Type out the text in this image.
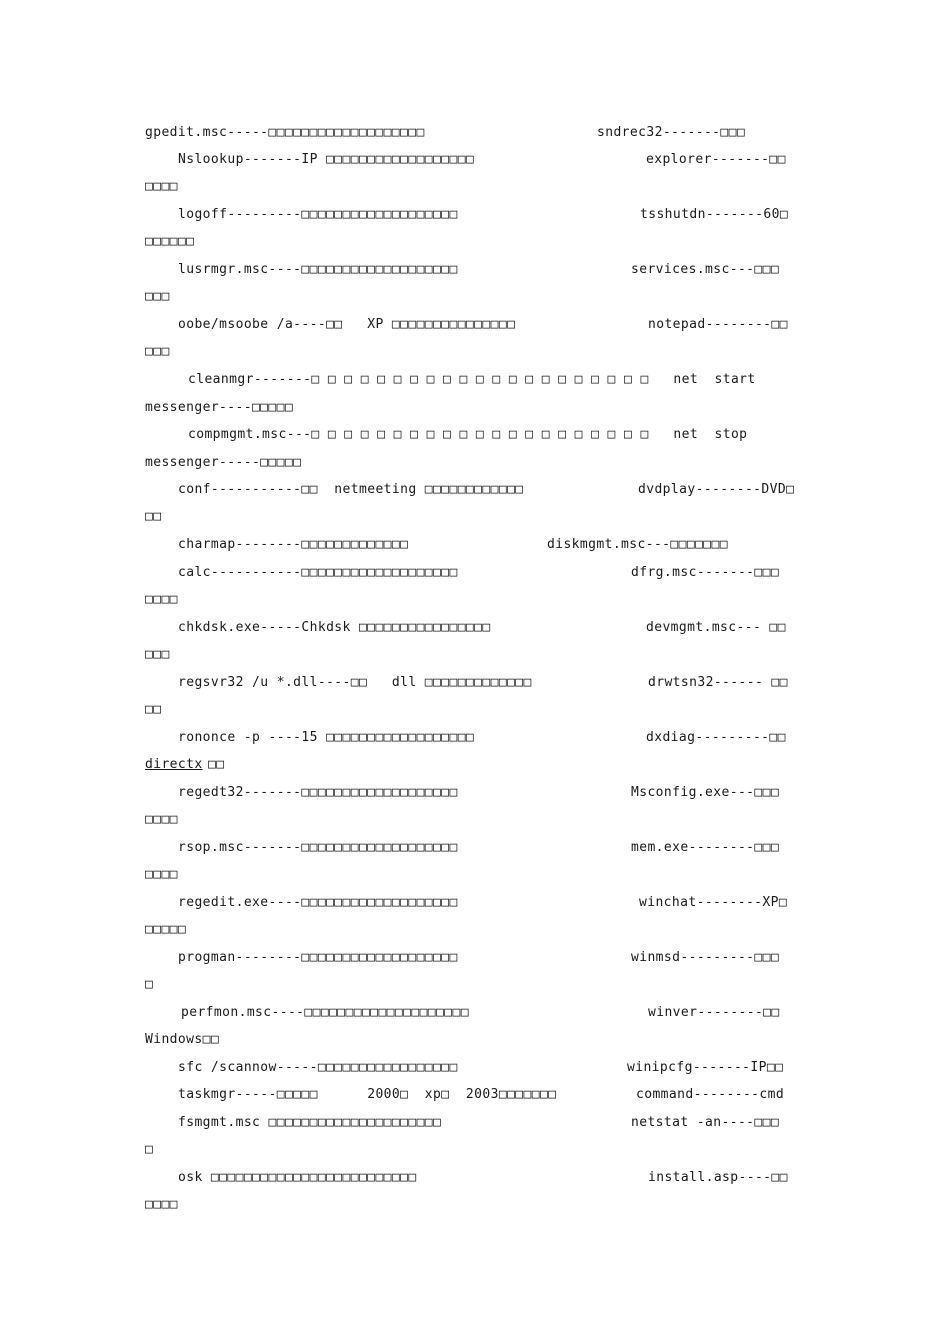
gpedit.msc-----□□□□□□□□□□□□□□□□□□□	sndrec32-------□□□
Nslookup-------IP □□□□□□□□□□□□□□□□□□	explorer-------□□
□□□□
logoff---------□□□□□□□□□□□□□□□□□□□	tsshutdn-------60□
□□□□□□
lusrmgr.msc----□□□□□□□□□□□□□□□□□□□	services.msc---□□□
□□□
oobe/msoobe /a----□□   XP □□□□□□□□□□□□□□□	notepad--------□□
□□□
cleanmgr-------□ □ □ □ □ □ □ □ □ □ □ □ □ □ □ □ □ □ □ □ □   net  start
messenger----□□□□□
compmgmt.msc---□ □ □ □ □ □ □ □ □ □ □ □ □ □ □ □ □ □ □ □ □   net  stop
messenger-----□□□□□
conf-----------□□  netmeeting □□□□□□□□□□□□	dvdplay--------DVD□
□□
charmap--------□□□□□□□□□□□□□	diskmgmt.msc---□□□□□□□
calc-----------□□□□□□□□□□□□□□□□□□□	dfrg.msc-------□□□
□□□□
chkdsk.exe-----Chkdsk □□□□□□□□□□□□□□□□	devmgmt.msc--- □□
□□□
regsvr32 /u *.dll----□□   dll □□□□□□□□□□□□□	drwtsn32------ □□
□□
rononce -p ----15 □□□□□□□□□□□□□□□□□□	dxdiag---------□□
directx □□
regedt32-------□□□□□□□□□□□□□□□□□□□	Msconfig.exe---□□□
□□□□
rsop.msc-------□□□□□□□□□□□□□□□□□□□	mem.exe--------□□□
□□□□
regedit.exe----□□□□□□□□□□□□□□□□□□□	winchat--------XP□
□□□□□
progman--------□□□□□□□□□□□□□□□□□□□	winmsd---------□□□
□
perfmon.msc----□□□□□□□□□□□□□□□□□□□□	winver--------□□
Windows□□
sfc /scannow-----□□□□□□□□□□□□□□□□□	winipcfg-------IP□□
taskmgr-----□□□□□      2000□  xp□  2003□□□□□□□	command--------cmd
fsmgmt.msc □□□□□□□□□□□□□□□□□□□□□	netstat -an----□□□
□
osk □□□□□□□□□□□□□□□□□□□□□□□□□	install.asp----□□
□□□□
